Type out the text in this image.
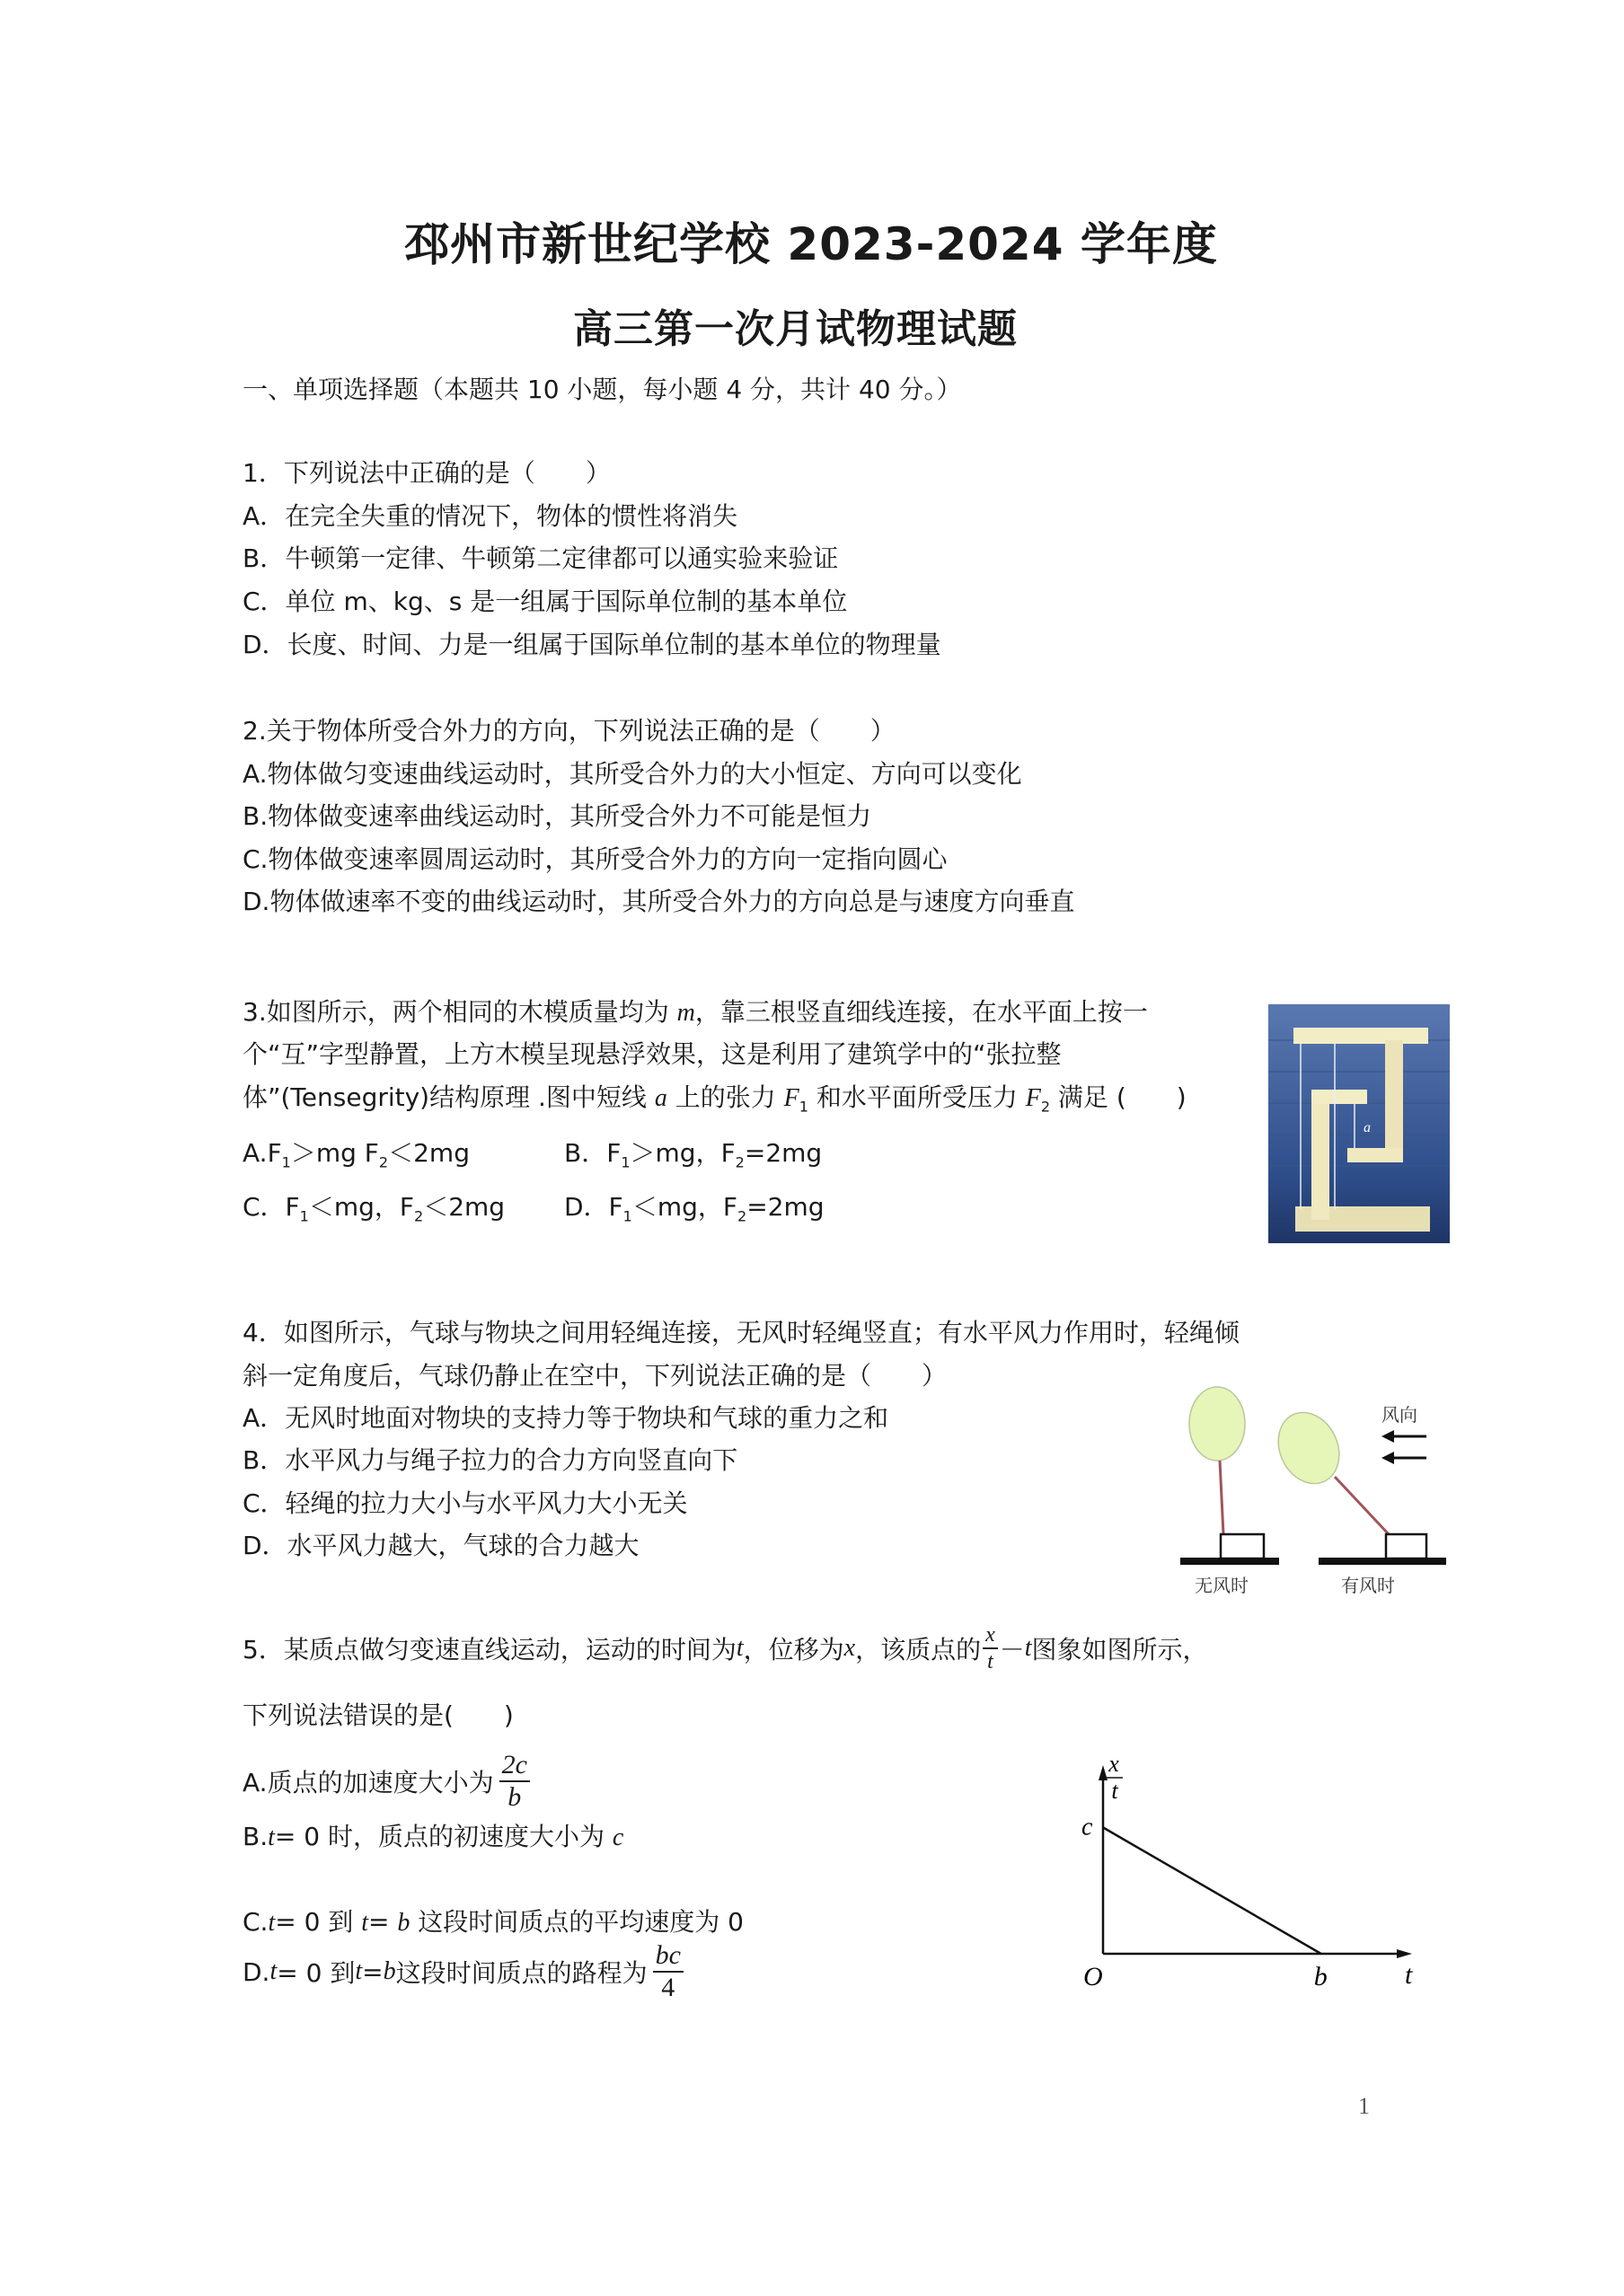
邳州市新世纪学校 2023-2024 学年度
高三第一次月试物理试题
一、单项选择题（本题共 10 小题，每小题 4 分，共计 40 分。）
1．下列说法中正确的是（　　）
A．在完全失重的情况下，物体的惯性将消失
B．牛顿第一定律、牛顿第二定律都可以通实验来验证
C．单位 m、kg、s 是一组属于国际单位制的基本单位
D．长度、时间、力是一组属于国际单位制的基本单位的物理量
2.关于物体所受合外力的方向，下列说法正确的是（　　）
A.物体做匀变速曲线运动时，其所受合外力的大小恒定、方向可以变化
B.物体做变速率曲线运动时，其所受合外力不可能是恒力
C.物体做变速率圆周运动时，其所受合外力的方向一定指向圆心
D.物体做速率不变的曲线运动时，其所受合外力的方向总是与速度方向垂直
3.如图所示，两个相同的木模质量均为 m，靠三根竖直细线连接，在水平面上按一
个“互”字型静置，上方木模呈现悬浮效果，这是利用了建筑学中的“张拉整
体”(Tensegrity)结构原理 .图中短线 a 上的张力 $F_1$ 和水平面所受压力 $F_2$ 满足 (　　)
$A.F_1>mg$ $F_2<2mg$	B．$F_1>mg$，$F_2=2mg$
C．$F_1<mg$，$F_2<2mg$ D．$F_1<mg$，$F_2=2mg$
a
4．如图所示，气球与物块之间用轻绳连接，无风时轻绳竖直；有水平风力作用时，轻绳倾
斜一定角度后，气球仍静止在空中，下列说法正确的是（　　）
A．无风时地面对物块的支持力等于物块和气球的重力之和
B．水平风力与绳子拉力的合力方向竖直向下
C．轻绳的拉力大小与水平风力大小无关
D．水平风力越大，气球的合力越大
无风时	有风时
风向
5．某质点做匀变速直线运动，运动的时间为 t ，位移为 x ，该质点的 $\frac{x}{t} - t$ 图象如图所示，
下列说法错误的是(　　)
A.质点的加速度大小为 $\frac{2c}{b}$
B.t= 0 时，质点的初速度大小为 c
C.t= 0 到 t= b 这段时间质点的平均速度为 0
D. t = 0 到 t = b 这段时间质点的路程为 $\frac{bc}{4}$
x
t
c
O	b	t
1
